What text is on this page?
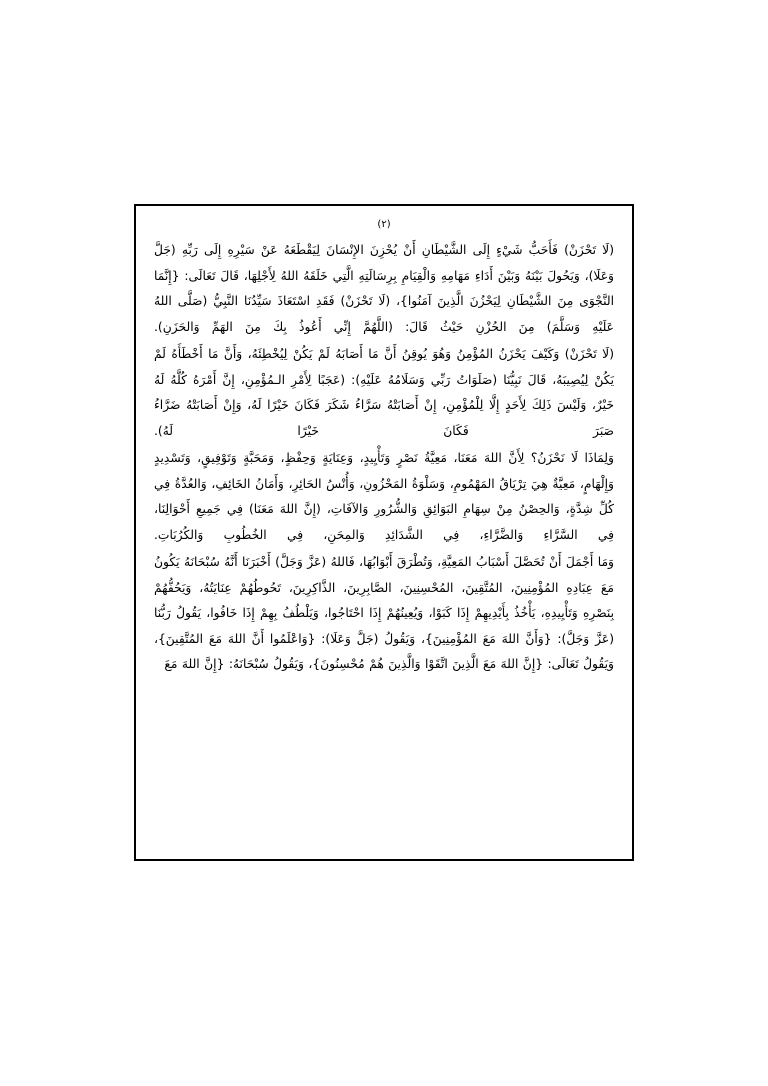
(٢)

(لَا تَحْزَنْ) فَأَحَبُّ شَيْءٍ إِلَى الشَّيْطَانِ أَنْ يُحْزِنَ الإِنْسَانَ لِيَقْطَعَهُ عَنْ سَيْرِهِ إِلَى رَبِّهِ (جَلَّ وَعَلَا)، وَيَحُولَ بَيْنَهُ وَبَيْنَ أَدَاءِ مَهَامِهِ وَالْقِيَامِ بِرِسَالَتِهِ الَّتِي خَلَقَهُ اللهُ لِأَجْلِهَا، قَالَ تَعَالَى: {إِنَّمَا النَّجْوَى مِنَ الشَّيْطَانِ لِيَحْزُنَ الَّذِينَ آمَنُوا}، (لَا تَحْزَنْ) فَقَدِ اسْتَعَاذَ سَيِّدُنَا النَّبِيُّ (صَلَّى اللهُ عَلَيْهِ وَسَلَّمَ) مِنَ الحُزْنِ حَيْثُ قَالَ: (اللَّهُمَّ إِنِّي أَعُوذُ بِكَ مِنَ الهَمِّ وَالحَزَنِ).

(لَا تَحْزَنْ) وَكَيْفَ يَحْزَنُ المُؤْمِنُ وَهُوَ يُوقِنُ أَنَّ مَا أَصَابَهُ لَمْ يَكُنْ لِيُخْطِئَهُ، وَأَنَّ مَا أَخْطَأَهُ لَمْ يَكُنْ لِيُصِيبَهُ، قَالَ نَبِيُّنَا (صَلَوَاتُ رَبِّي وَسَلَامُهُ عَلَيْهِ): (عَجَبًا لِأَمْرِ الـمُؤْمِنِ، إِنَّ أَمْرَهُ كُلَّهُ لَهُ خَيْرٌ، وَلَيْسَ ذَلِكَ لِأَحَدٍ إِلَّا لِلْمُؤْمِنِ، إِنْ أَصَابَتْهُ سَرَّاءُ شَكَرَ فَكَانَ خَيْرًا لَهُ، وَإِنْ أَصَابَتْهُ ضَرَّاءُ صَبَرَ فَكَانَ خَيْرًا لَهُ).

وَلِمَاذَا لَا نَحْزَنُ؟ لِأَنَّ اللهَ مَعَنَا، مَعِيَّةُ نَصْرٍ وَتَأْيِيدٍ، وَعِنَايَةٍ وَحِفْظٍ، وَمَحَبَّةٍ وَتَوْفِيقٍ، وَتَسْدِيدٍ وَإِلْهَامٍ، مَعِيَّةٌ هِيَ تِرْيَاقُ المَهْمُومِ، وَسَلْوَةُ المَحْزُونِ، وَأُنْسُ الحَائِرِ، وَأَمَانُ الخَائِفِ، وَالعُدَّةُ فِي كُلِّ شِدَّةٍ، وَالحِصْنُ مِنْ سِهَامِ البَوَائِقِ وَالشُّرُورِ وَالآفَاتِ، (إِنَّ اللهَ مَعَنَا) فِي جَمِيعِ أَحْوَالِنَا، فِي السَّرَّاءِ وَالضَّرَّاءِ، فِي الشَّدَائِدِ وَالمِحَنِ، فِي الخُطُوبِ وَالكُرُبَاتِ.

وَمَا أَجْمَلَ أَنْ تُحَصَّلَ أَسْبَابُ المَعِيَّةِ، وَتُطْرَقَ أَبْوَابُهَا، فَاللهُ (عَزَّ وَجَلَّ) أَخْبَرَنَا أَنَّهُ سُبْحَانَهُ يَكُونُ مَعَ عِبَادِهِ المُؤْمِنِينَ، المُتَّقِينَ، المُحْسِنِينَ، الصَّابِرِينَ، الذَّاكِرِينَ، تَحُوطُهُمْ عِنَايَتُهُ، وَيَحُفُّهُمْ بِنَصْرِهِ وَتَأْيِيدِهِ، يَأْخُذُ بِأَيْدِيهِمْ إِذَا كَبَوْا، وَيُعِينُهُمْ إِذَا احْتَاجُوا، وَيَلْطُفُ بِهِمْ إِذَا خَافُوا، يَقُولُ رَبُّنَا (عَزَّ وَجَلَّ): {وَأَنَّ اللهَ مَعَ المُؤْمِنِينَ}، وَيَقُولُ (جَلَّ وَعَلَا): {وَاعْلَمُوا أَنَّ اللهَ مَعَ المُتَّقِينَ}، وَيَقُولُ تَعَالَى: {إِنَّ اللهَ مَعَ الَّذِينَ اتَّقَوْا وَالَّذِينَ هُمْ مُحْسِنُونَ}، وَيَقُولُ سُبْحَانَهُ: {إِنَّ اللهَ مَعَ
